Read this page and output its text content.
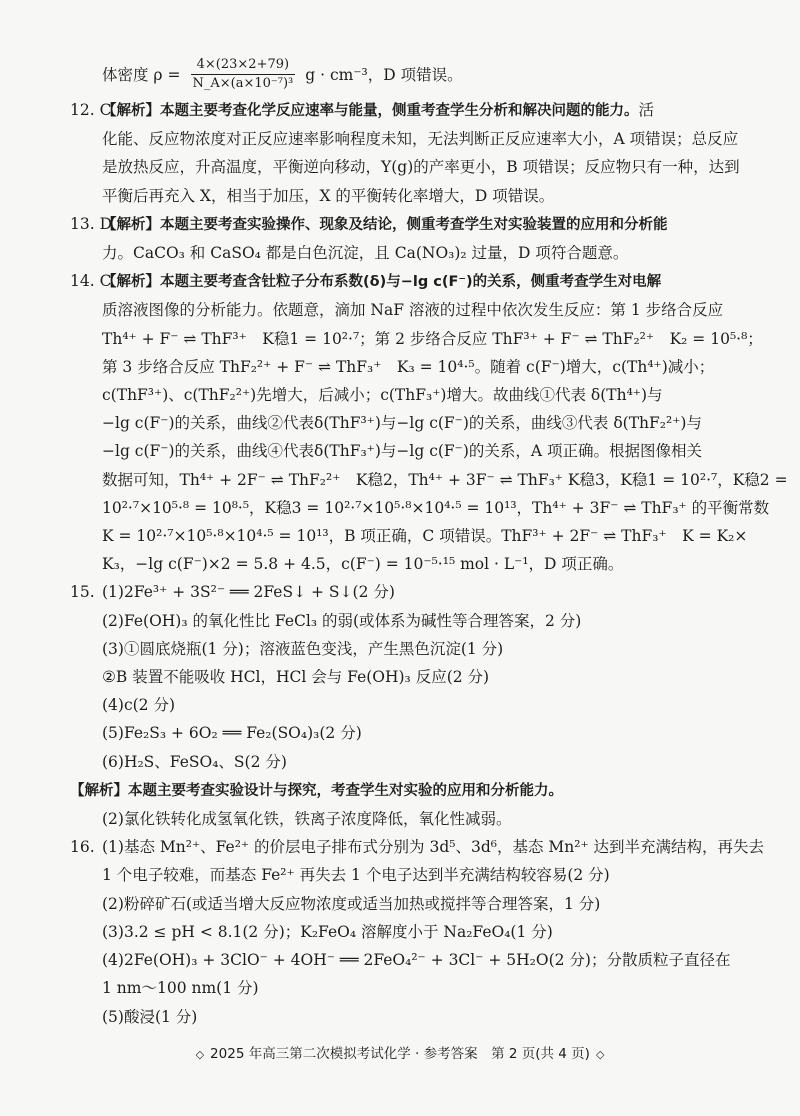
体密度 $\rho = \frac{4\times(23\times 2+79)}{\text{N\_A×(a×10⁻⁷)³}}$ g · cm⁻³，D 项错误。
12. C【解析】本题主要考查化学反应速率与能量，侧重考查学生分析和解决问题的能力。活
化能、反应物浓度对正反应速率影响程度未知，无法判断正反应速率大小，A 项错误；总反应
是放热反应，升高温度，平衡逆向移动，Y(g)的产率更小，B 项错误；反应物只有一种，达到
平衡后再充入 X，相当于加压，X 的平衡转化率增大，D 项错误。
13. D【解析】本题主要考查实验操作、现象及结论，侧重考查学生对实验装置的应用和分析能
力。CaCO₃ 和 CaSO₄ 都是白色沉淀，且 Ca(NO₃)₂ 过量，D 项符合题意。
14. C【解析】本题主要考查含钍粒子分布系数(δ)与−lg c(F⁻)的关系，侧重考查学生对电解
质溶液图像的分析能力。依题意，滴加 NaF 溶液的过程中依次发生反应：第 1 步络合反应
Th⁴⁺ + F⁻ ⇌ ThF³⁺　K稳1 = 10²·⁷；第 2 步络合反应 ThF³⁺ + F⁻ ⇌ ThF₂²⁺　K₂ = 10⁵·⁸；
第 3 步络合反应 ThF₂²⁺ + F⁻ ⇌ ThF₃⁺　K₃ = 10⁴·⁵。随着 c(F⁻)增大，c(Th⁴⁺)减小；
c(ThF³⁺)、c(ThF₂²⁺)先增大，后减小；c(ThF₃⁺)增大。故曲线①代表 δ(Th⁴⁺)与
−lg c(F⁻)的关系，曲线②代表δ(ThF³⁺)与−lg c(F⁻)的关系，曲线③代表 δ(ThF₂²⁺)与
−lg c(F⁻)的关系，曲线④代表δ(ThF₃⁺)与−lg c(F⁻)的关系，A 项正确。根据图像相关
数据可知，Th⁴⁺ + 2F⁻ ⇌ ThF₂²⁺　K稳2，Th⁴⁺ + 3F⁻ ⇌ ThF₃⁺ K稳3，K稳1 = 10²·⁷，K稳2 =
10²·⁷×10⁵·⁸ = 10⁸·⁵，K稳3 = 10²·⁷×10⁵·⁸×10⁴·⁵ = 10¹³，Th⁴⁺ + 3F⁻ ⇌ ThF₃⁺ 的平衡常数
K = 10²·⁷×10⁵·⁸×10⁴·⁵ = 10¹³，B 项正确，C 项错误。ThF³⁺ + 2F⁻ ⇌ ThF₃⁺　K = K₂×
K₃，−lg c(F⁻)×2 = 5.8 + 4.5，c(F⁻) = 10⁻⁵·¹⁵ mol · L⁻¹，D 项正确。
15. (1)2Fe³⁺ + 3S²⁻ ══ 2FeS↓ + S↓(2 分)
(2)Fe(OH)₃ 的氧化性比 FeCl₃ 的弱(或体系为碱性等合理答案，2 分)
(3)①圆底烧瓶(1 分)；溶液蓝色变浅，产生黑色沉淀(1 分)
②B 装置不能吸收 HCl，HCl 会与 Fe(OH)₃ 反应(2 分)
(4)c(2 分)
(5)Fe₂S₃ + 6O₂ ══ Fe₂(SO₄)₃(2 分)
(6)H₂S、FeSO₄、S(2 分)
【解析】本题主要考查实验设计与探究，考查学生对实验的应用和分析能力。
(2)氯化铁转化成氢氧化铁，铁离子浓度降低，氧化性减弱。
16. (1)基态 Mn²⁺、Fe²⁺ 的价层电子排布式分别为 3d⁵、3d⁶，基态 Mn²⁺ 达到半充满结构，再失去
1 个电子较难，而基态 Fe²⁺ 再失去 1 个电子达到半充满结构较容易(2 分)
(2)粉碎矿石(或适当增大反应物浓度或适当加热或搅拌等合理答案，1 分)
(3)3.2 ≤ pH < 8.1(2 分)；K₂FeO₄ 溶解度小于 Na₂FeO₄(1 分)
(4)2Fe(OH)₃ + 3ClO⁻ + 4OH⁻ ══ 2FeO₄²⁻ + 3Cl⁻ + 5H₂O(2 分)；分散质粒子直径在
1 nm～100 nm(1 分)
(5)酸浸(1 分)
◇ 2025 年高三第二次模拟考试化学 · 参考答案　第 2 页(共 4 页) ◇
